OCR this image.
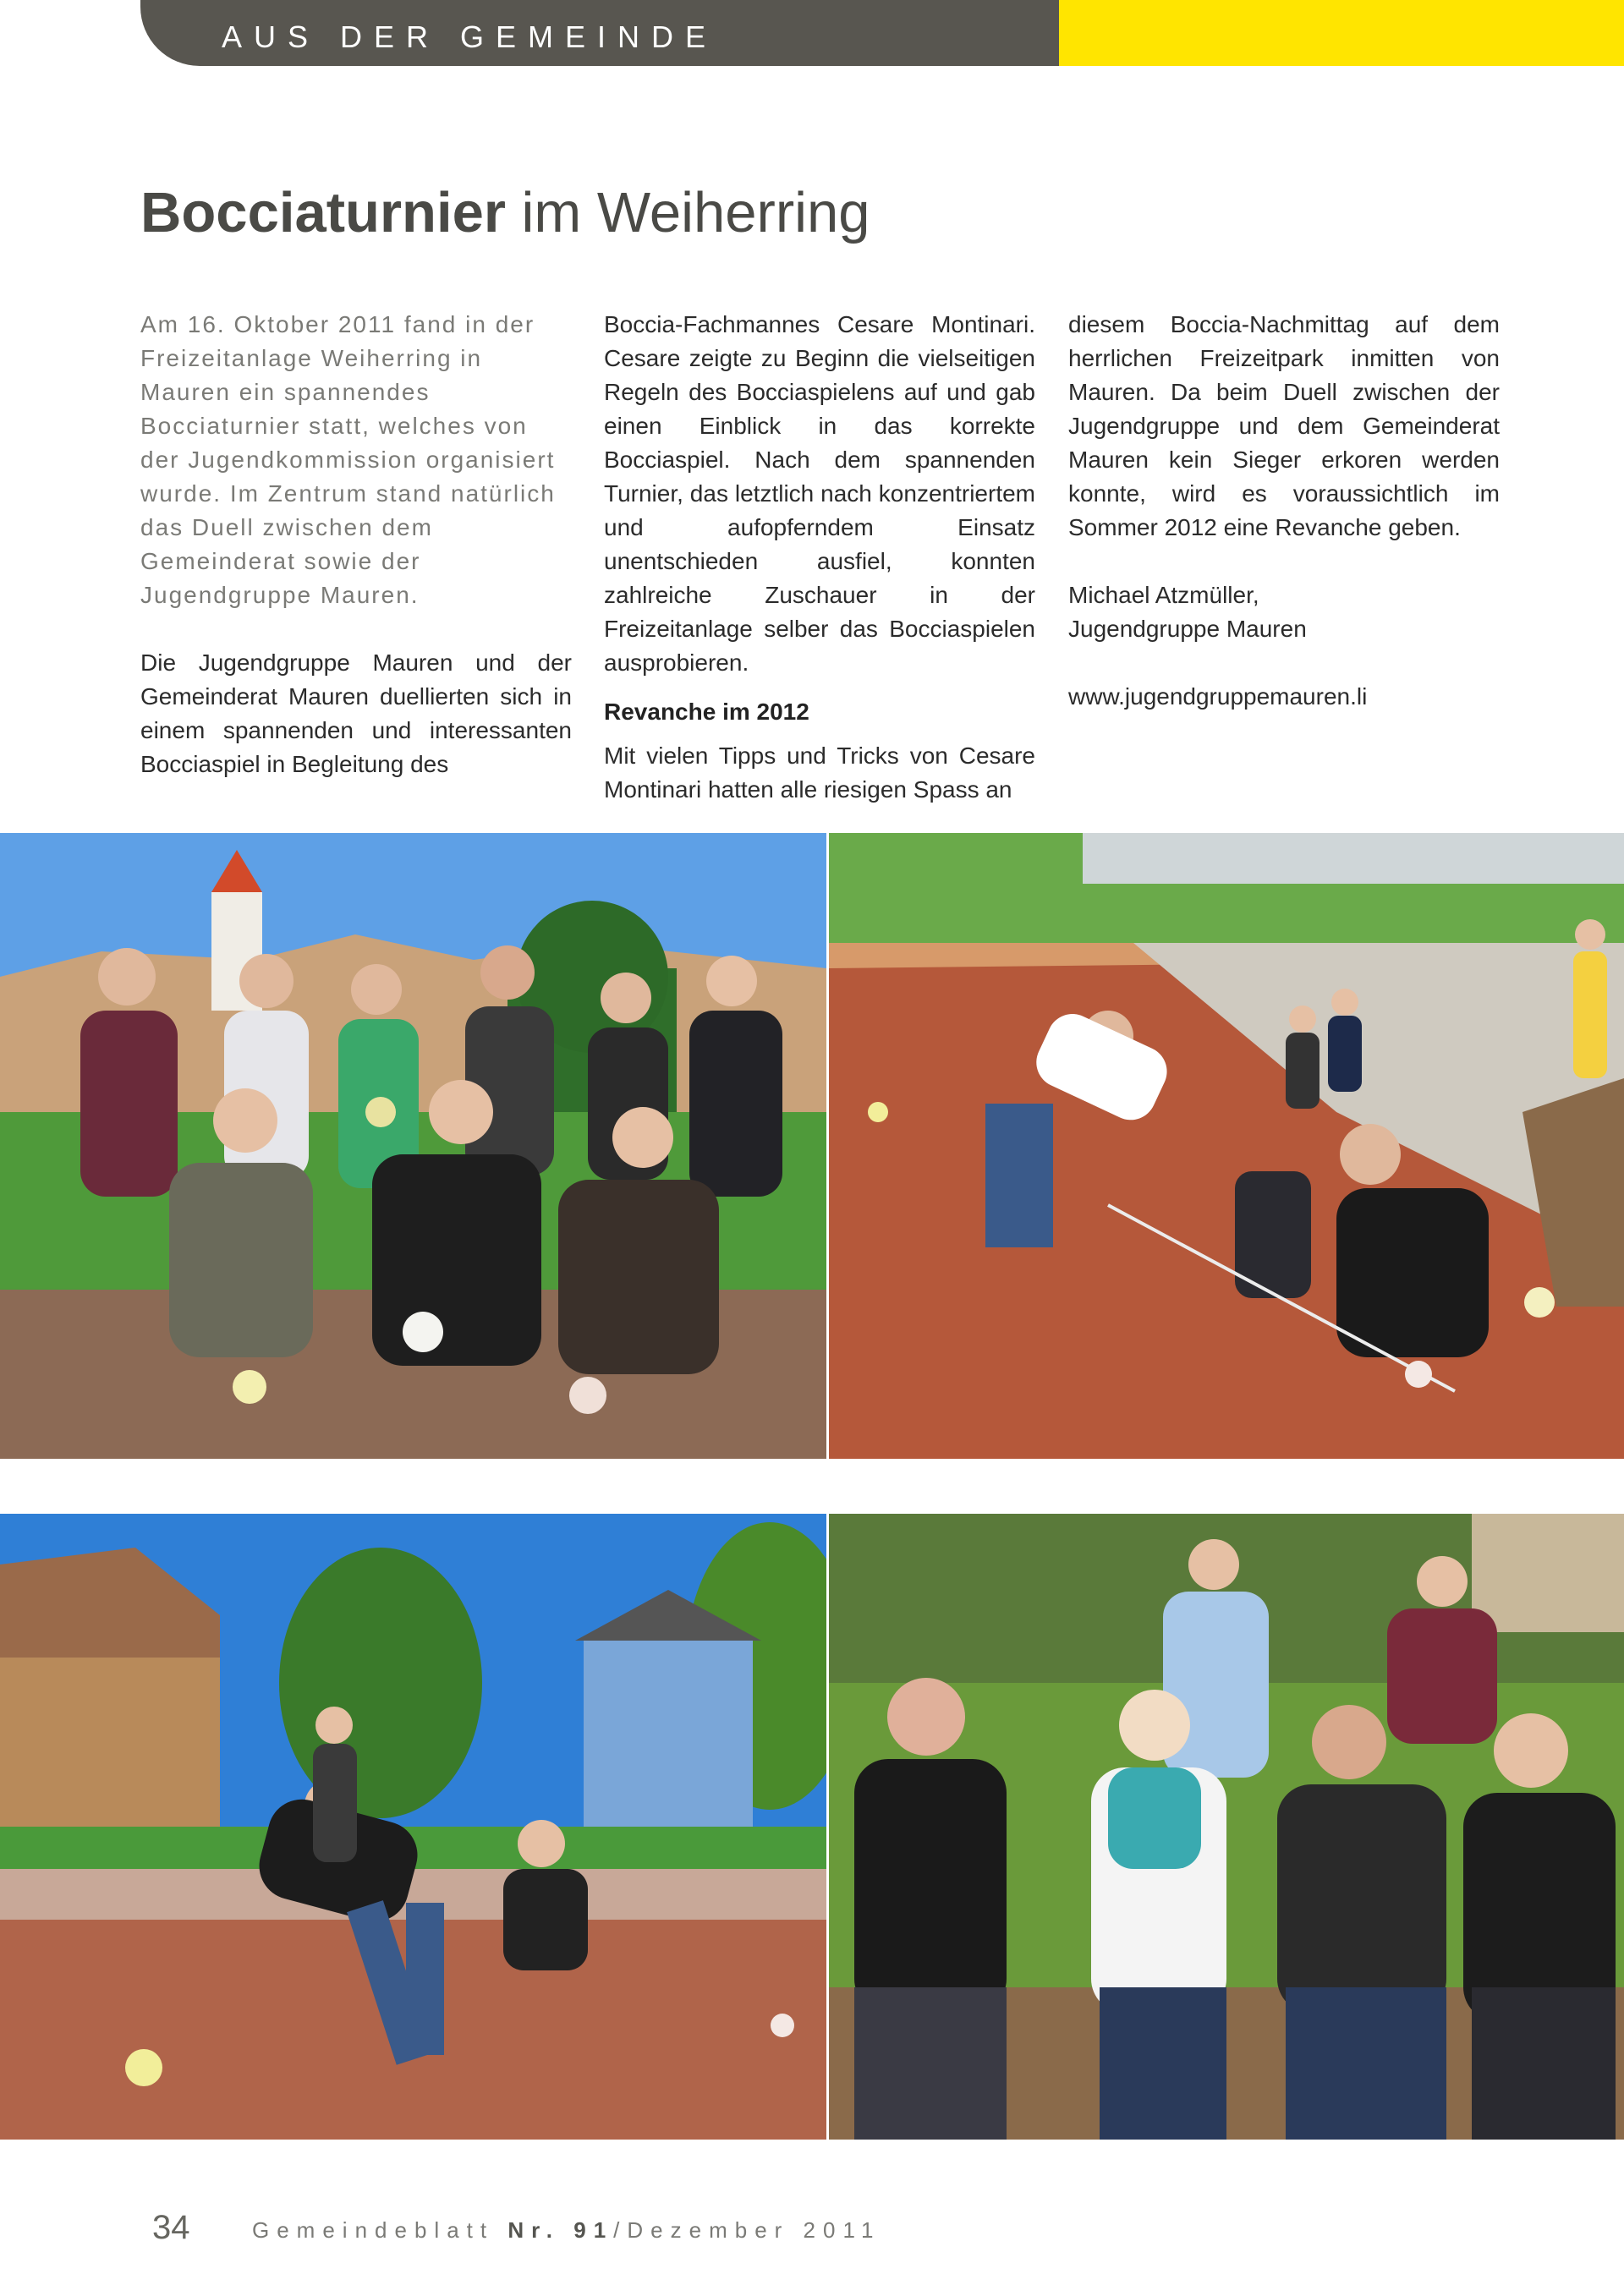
AUS DER GEMEINDE
Bocciaturnier im Weiherring

Am 16. Oktober 2011 fand in der Freizeitanlage Weiherring in Mauren ein spannendes Bocciaturnier statt, welches von der Jugendkommission organisiert wurde. Im Zentrum stand natürlich das Duell zwischen dem Gemeinderat sowie der Jugendgruppe Mauren.

Die Jugendgruppe Mauren und der Gemeinderat Mauren duellierten sich in einem spannenden und interessanten Bocciaspiel in Begleitung des

Boccia-Fachmannes Cesare Montinari. Cesare zeigte zu Beginn die vielseitigen Regeln des Bocciaspielens auf und gab einen Einblick in das korrekte Bocciaspiel. Nach dem spannenden Turnier, das letztlich nach konzentriertem und aufopferndem Einsatz unentschieden ausfiel, konnten zahlreiche Zuschauer in der Freizeitanlage selber das Bocciaspielen ausprobieren.

Revanche im 2012

Mit vielen Tipps und Tricks von Cesare Montinari hatten alle riesigen Spass an

diesem Boccia-Nachmittag auf dem herrlichen Freizeitpark inmitten von Mauren. Da beim Duell zwischen der Jugendgruppe und dem Gemeinderat Mauren kein Sieger erkoren werden konnte, wird es voraussichtlich im Sommer 2012 eine Revanche geben.

Michael Atzmüller,

Jugendgruppe Mauren

www.jugendgruppemauren.li

34	Gemeindeblatt Nr. 91/Dezember 2011
